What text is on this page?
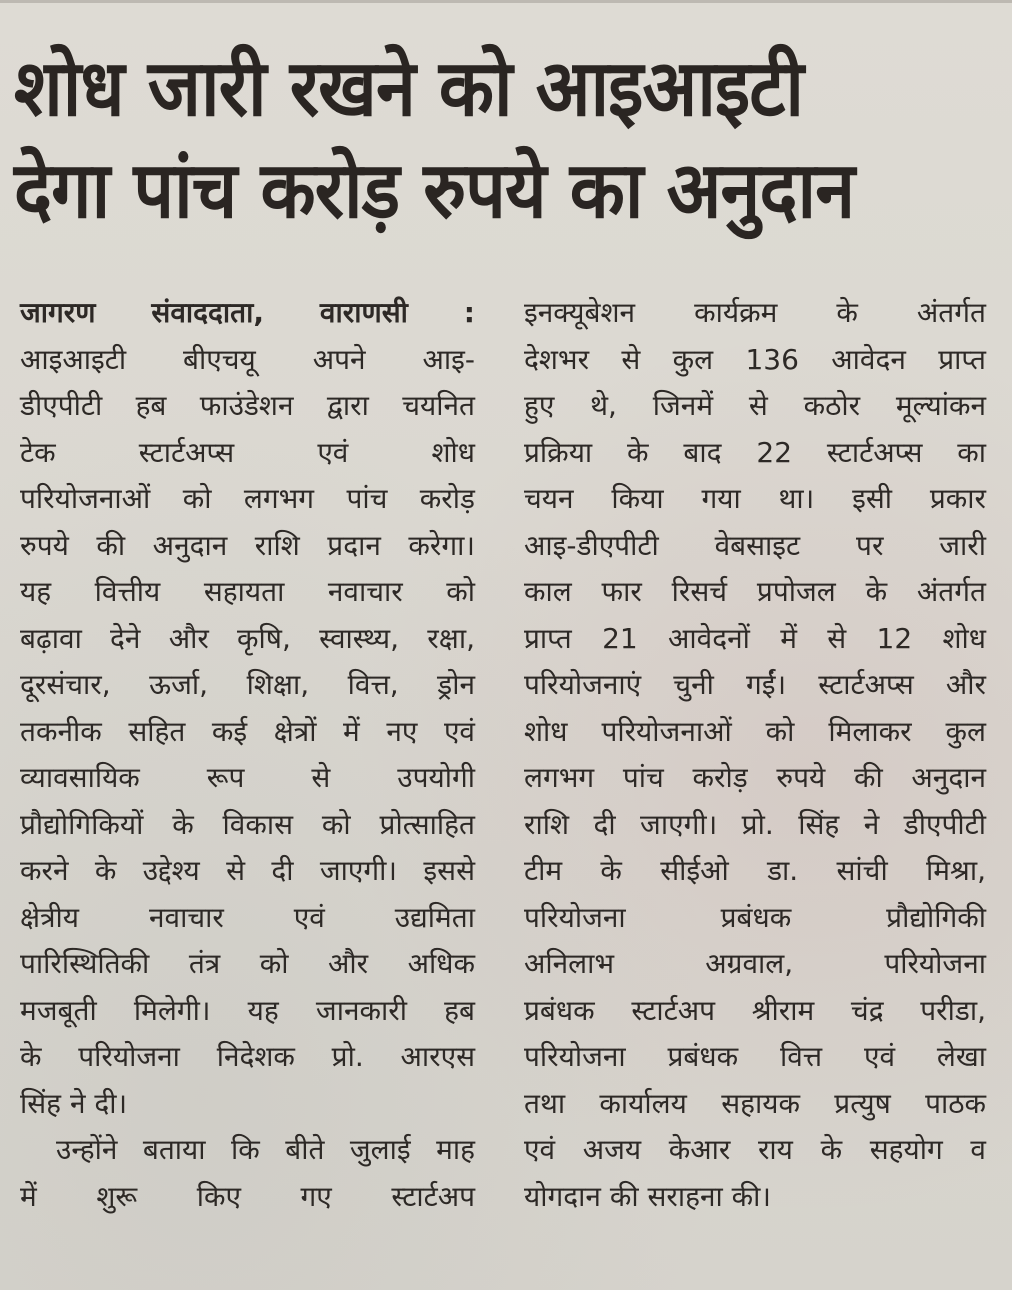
शोध जारी रखने को आइआइटी
देगा पांच करोड़ रुपये का अनुदान
जागरण संवाददाता, वाराणसी :
आइआइटी बीएचयू अपने आइ-
डीएपीटी हब फाउंडेशन द्वारा चयनित
टेक स्टार्टअप्स एवं शोध
परियोजनाओं को लगभग पांच करोड़
रुपये की अनुदान राशि प्रदान करेगा।
यह वित्तीय सहायता नवाचार को
बढ़ावा देने और कृषि, स्वास्थ्य, रक्षा,
दूरसंचार, ऊर्जा, शिक्षा, वित्त, ड्रोन
तकनीक सहित कई क्षेत्रों में नए एवं
व्यावसायिक रूप से उपयोगी
प्रौद्योगिकियों के विकास को प्रोत्साहित
करने के उद्देश्य से दी जाएगी। इससे
क्षेत्रीय नवाचार एवं उद्यमिता
पारिस्थितिकी तंत्र को और अधिक
मजबूती मिलेगी। यह जानकारी हब
के परियोजना निदेशक प्रो. आरएस
सिंह ने दी।
उन्होंने बताया कि बीते जुलाई माह
में शुरू किए गए स्टार्टअप
इनक्यूबेशन कार्यक्रम के अंतर्गत
देशभर से कुल 136 आवेदन प्राप्त
हुए थे, जिनमें से कठोर मूल्यांकन
प्रक्रिया के बाद 22 स्टार्टअप्स का
चयन किया गया था। इसी प्रकार
आइ-डीएपीटी वेबसाइट पर जारी
काल फार रिसर्च प्रपोजल के अंतर्गत
प्राप्त 21 आवेदनों में से 12 शोध
परियोजनाएं चुनी गईं। स्टार्टअप्स और
शोध परियोजनाओं को मिलाकर कुल
लगभग पांच करोड़ रुपये की अनुदान
राशि दी जाएगी। प्रो. सिंह ने डीएपीटी
टीम के सीईओ डा. सांची मिश्रा,
परियोजना प्रबंधक प्रौद्योगिकी
अनिलाभ अग्रवाल, परियोजना
प्रबंधक स्टार्टअप श्रीराम चंद्र परीडा,
परियोजना प्रबंधक वित्त एवं लेखा
तथा कार्यालय सहायक प्रत्युष पाठक
एवं अजय केआर राय के सहयोग व
योगदान की सराहना की।
